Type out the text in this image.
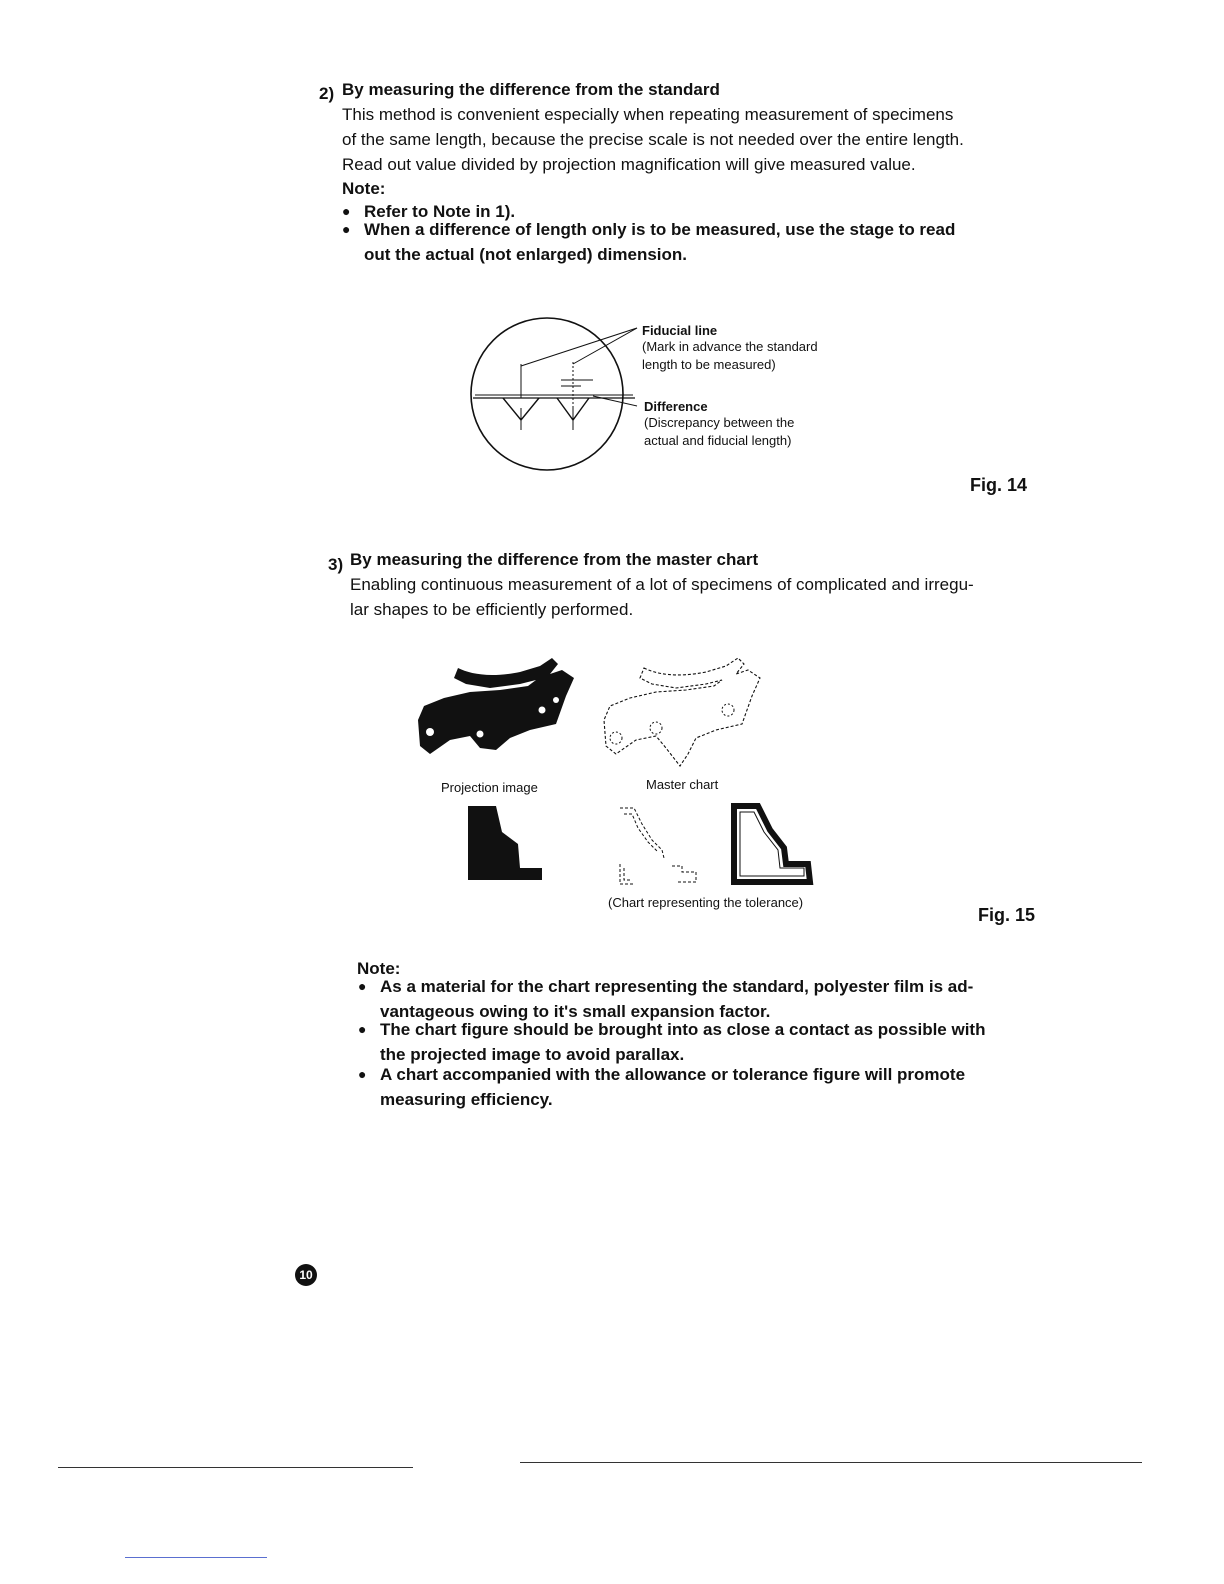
2) By measuring the difference from the standard
This method is convenient especially when repeating measurement of specimens
of the same length, because the precise scale is not needed over the entire length.
Read out value divided by projection magnification will give measured value.
Note:
● Refer to Note in 1).
● When a difference of length only is to be measured, use the stage to read
out the actual (not enlarged) dimension.
Fiducial line
(Mark in advance the standard
length to be measured)
Difference
(Discrepancy between the
actual and fiducial length)
Fig. 14
3) By measuring the difference from the master chart
Enabling continuous measurement of a lot of specimens of complicated and irregu-
lar shapes to be efficiently performed.
Projection image	Master chart
(Chart representing the tolerance)
Fig. 15
Note:
● As a material for the chart representing the standard, polyester film is ad-
vantageous owing to it's small expansion factor.
● The chart figure should be brought into as close a contact as possible with
the projected image to avoid parallax.
● A chart accompanied with the allowance or tolerance figure will promote
measuring efficiency.
10
